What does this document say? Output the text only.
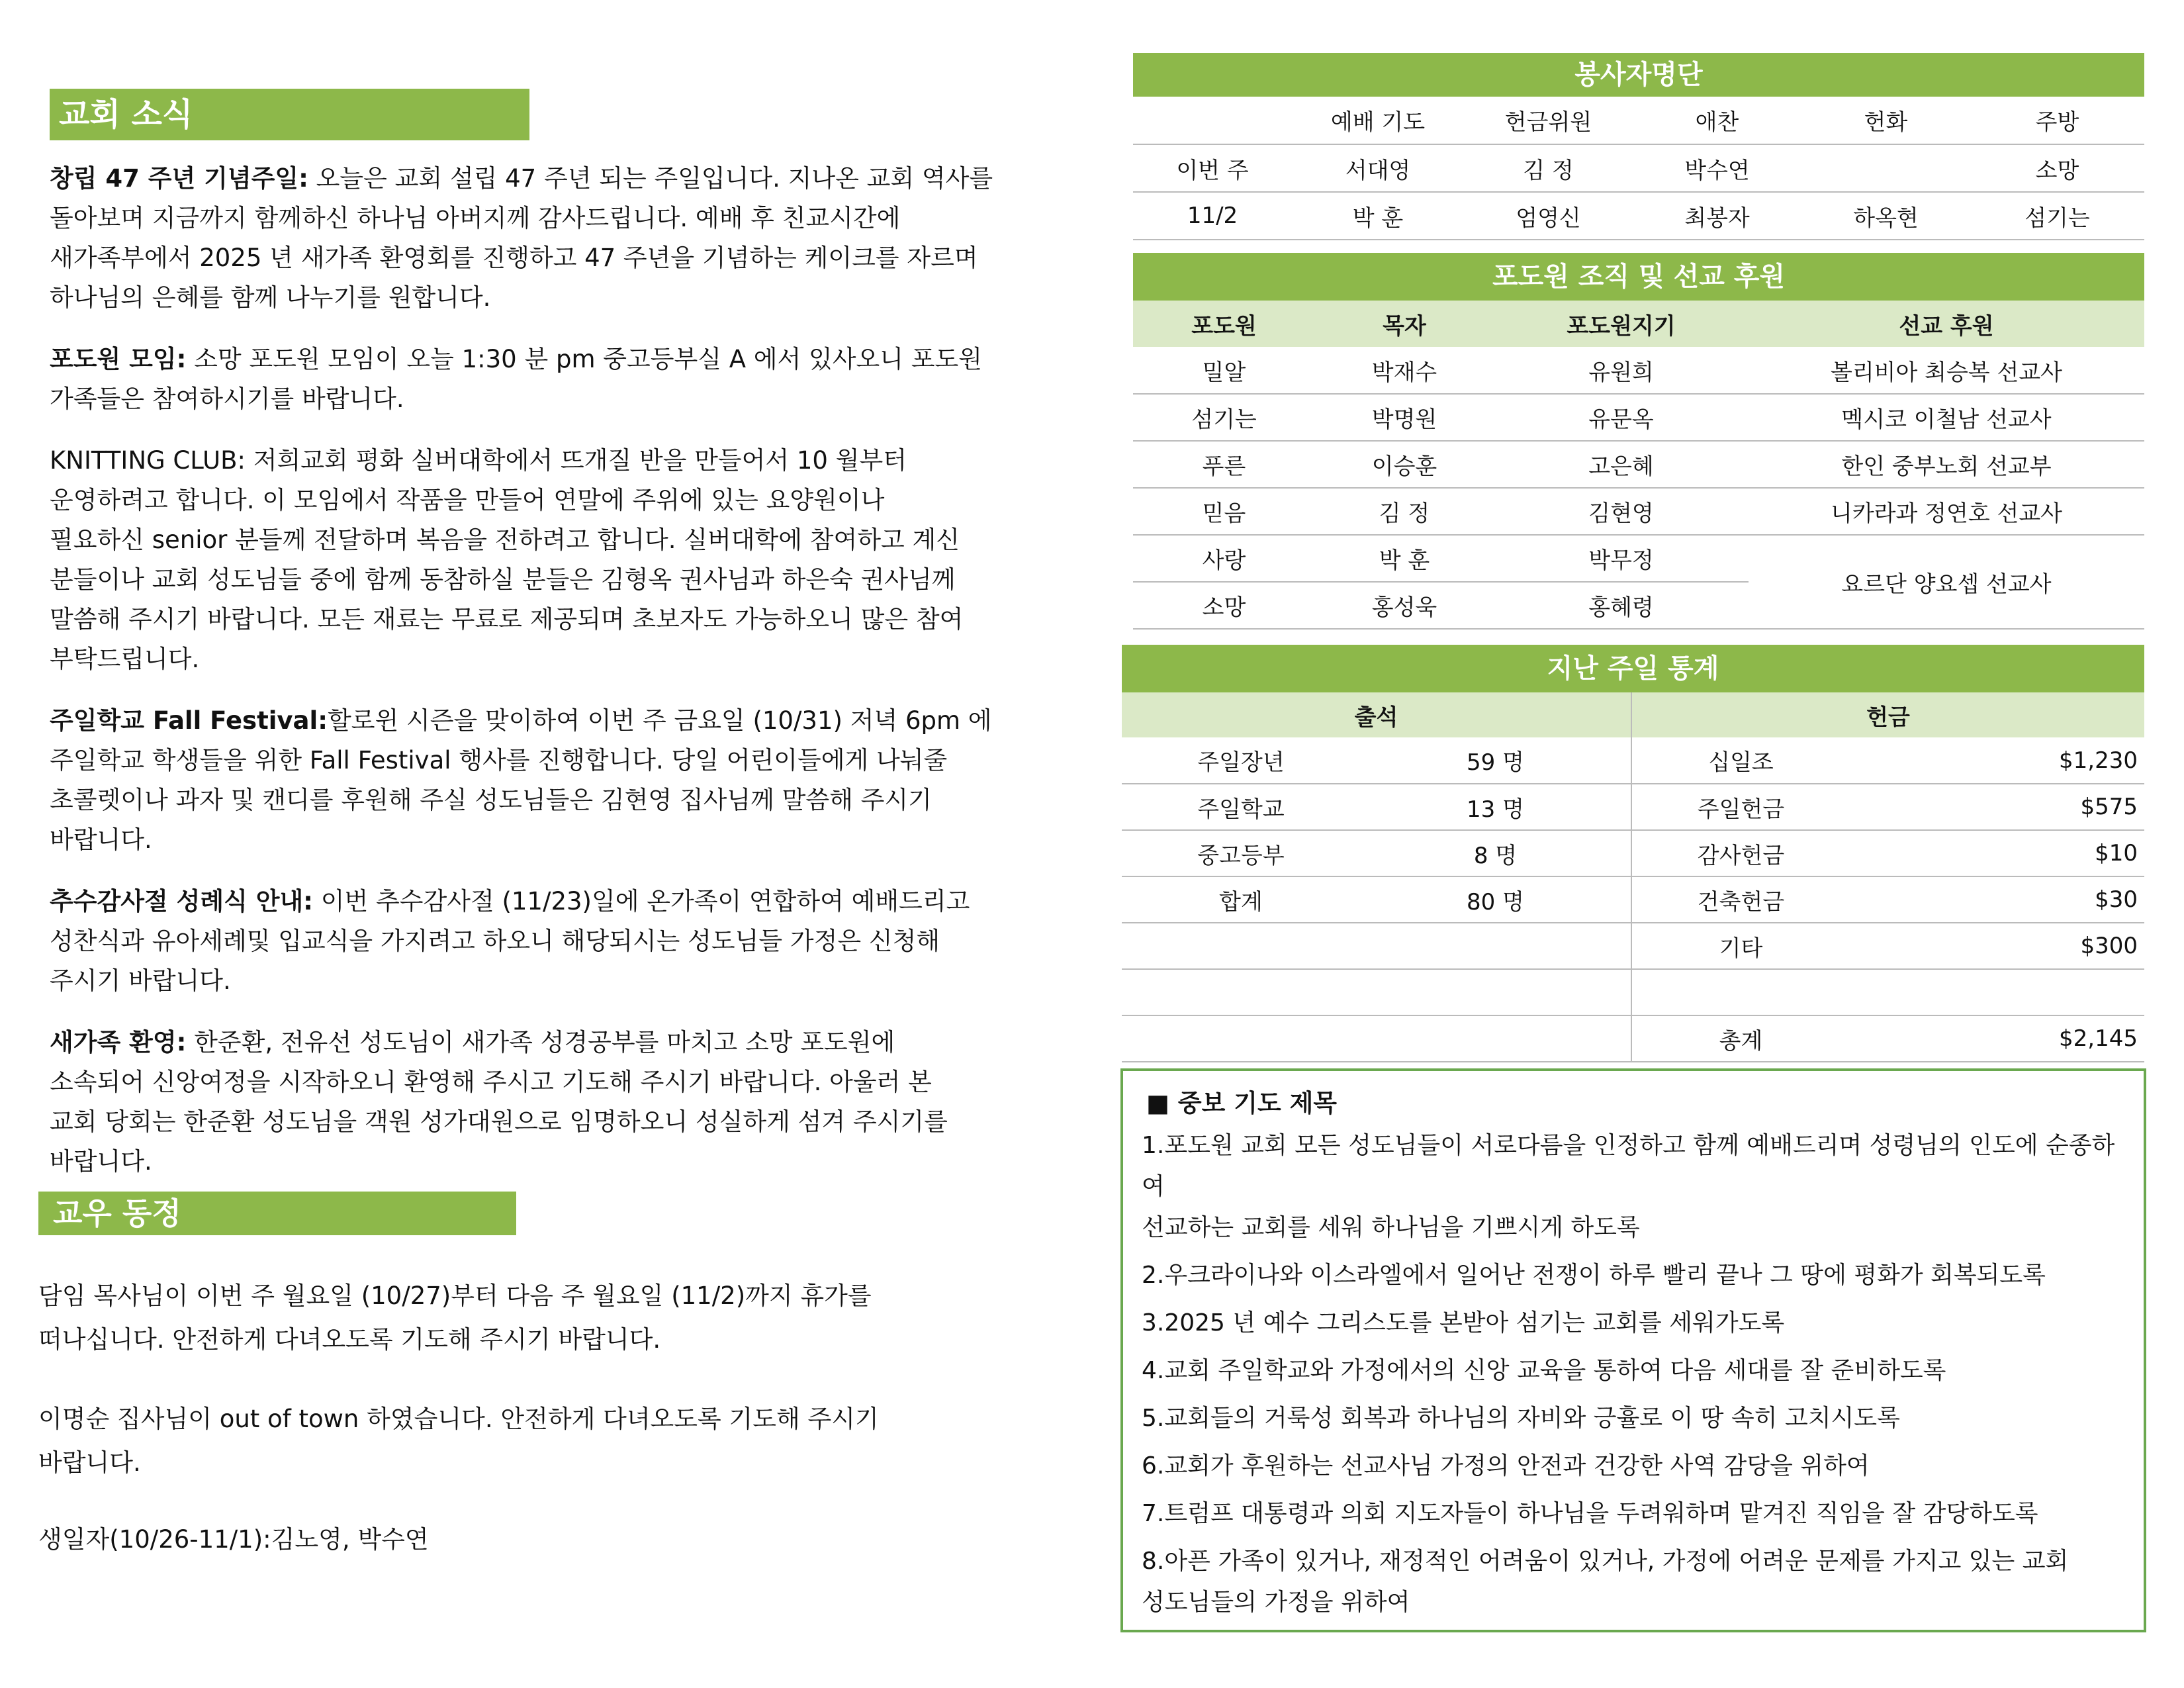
교회 소식
창립 47 주년 기념주일: 오늘은 교회 설립 47 주년 되는 주일입니다. 지나온 교회 역사를
돌아보며 지금까지 함께하신 하나님 아버지께 감사드립니다. 예배 후 친교시간에
새가족부에서 2025 년 새가족 환영회를 진행하고 47 주년을 기념하는 케이크를 자르며
하나님의 은혜를 함께 나누기를 원합니다.
포도원 모임: 소망 포도원 모임이 오늘 1:30 분 pm 중고등부실 A 에서 있사오니 포도원
가족들은 참여하시기를 바랍니다.
KNITTING CLUB: 저희교회 평화 실버대학에서 뜨개질 반을 만들어서 10 월부터
운영하려고 합니다. 이 모임에서 작품을 만들어 연말에 주위에 있는 요양원이나
필요하신 senior 분들께 전달하며 복음을 전하려고 합니다. 실버대학에 참여하고 계신
분들이나 교회 성도님들 중에 함께 동참하실 분들은 김형옥 권사님과 하은숙 권사님께
말씀해 주시기 바랍니다. 모든 재료는 무료로 제공되며 초보자도 가능하오니 많은 참여
부탁드립니다.
주일학교 Fall Festival:할로윈 시즌을 맞이하여 이번 주 금요일 (10/31) 저녁 6pm 에
주일학교 학생들을 위한 Fall Festival 행사를 진행합니다. 당일 어린이들에게 나눠줄
초콜렛이나 과자 및 캔디를 후원해 주실 성도님들은 김현영 집사님께 말씀해 주시기
바랍니다.
추수감사절 성례식 안내: 이번 추수감사절 (11/23)일에 온가족이 연합하여 예배드리고
성찬식과 유아세례및 입교식을 가지려고 하오니 해당되시는 성도님들 가정은 신청해
주시기 바랍니다.
새가족 환영: 한준환, 전유선 성도님이 새가족 성경공부를 마치고 소망 포도원에
소속되어 신앙여정을 시작하오니 환영해 주시고 기도해 주시기 바랍니다. 아울러 본
교회 당회는 한준환 성도님을 객원 성가대원으로 임명하오니 성실하게 섬겨 주시기를
바랍니다.
교우 동정
담임 목사님이 이번 주 월요일 (10/27)부터 다음 주 월요일 (11/2)까지 휴가를
떠나십니다. 안전하게 다녀오도록 기도해 주시기 바랍니다.
이명순 집사님이 out of town 하였습니다. 안전하게 다녀오도록 기도해 주시기
바랍니다.
생일자(10/26-11/1):김노영, 박수연
봉사자명단
	예배 기도	헌금위원	애찬	헌화	주방
이번 주	서대영	김 정	박수연		소망
11/2	박 훈	엄영신	최봉자	하옥현	섬기는
포도원 조직 및 선교 후원
포도원	목자	포도원지기	선교 후원
밀알	박재수	유원희	볼리비아 최승복 선교사
섬기는	박명원	유문옥	멕시코 이철남 선교사
푸른	이승훈	고은혜	한인 중부노회 선교부
믿음	김 정	김현영	니카라과 정연호 선교사
사랑	박 훈	박무정	요르단 양요셉 선교사
소망	홍성욱	홍혜령	
지난 주일 통계
출석		헌금	
주일장년	59 명	십일조	$1,230
주일학교	13 명	주일헌금	$575
중고등부	8 명	감사헌금	$10
합계	80 명	건축헌금	$30
		기타	$300

		총계	$2,145
■ 중보 기도 제목
1.포도원 교회 모든 성도님들이 서로다름을 인정하고 함께 예배드리며 성령님의 인도에 순종하여
선교하는 교회를 세워 하나님을 기쁘시게 하도록
2.우크라이나와 이스라엘에서 일어난 전쟁이 하루 빨리 끝나 그 땅에 평화가 회복되도록
3.2025 년 예수 그리스도를 본받아 섬기는 교회를 세워가도록
4.교회 주일학교와 가정에서의 신앙 교육을 통하여 다음 세대를 잘 준비하도록
5.교회들의 거룩성 회복과 하나님의 자비와 긍휼로 이 땅 속히 고치시도록
6.교회가 후원하는 선교사님 가정의 안전과 건강한 사역 감당을 위하여
7.트럼프 대통령과 의회 지도자들이 하나님을 두려워하며 맡겨진 직임을 잘 감당하도록
8.아픈 가족이 있거나, 재정적인 어려움이 있거나, 가정에 어려운 문제를 가지고 있는 교회
성도님들의 가정을 위하여
